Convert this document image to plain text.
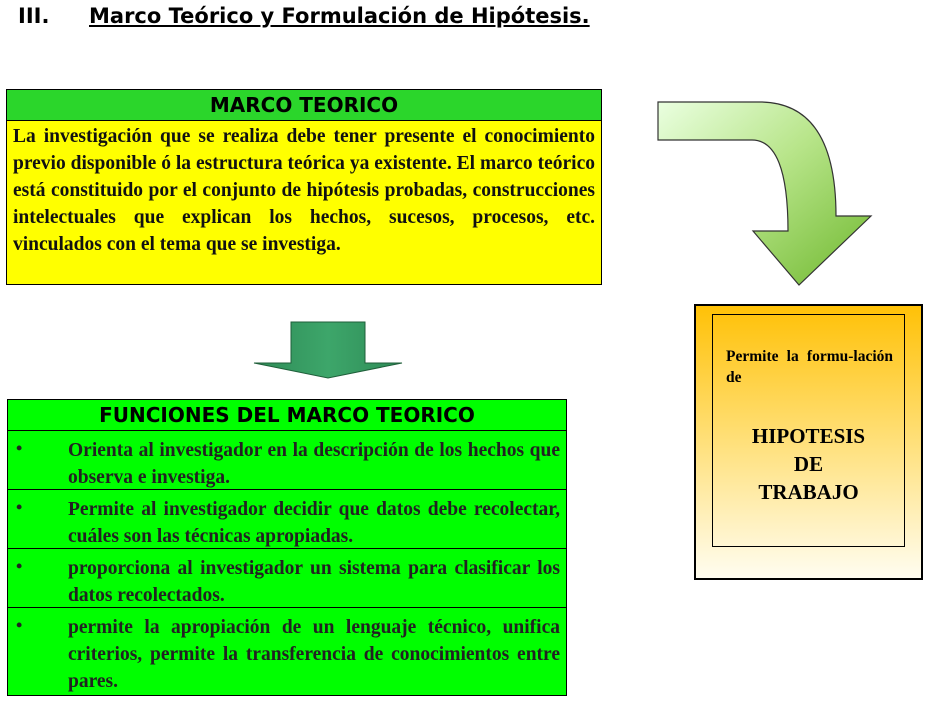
III. Marco Teórico y Formulación de Hipótesis.
MARCO TEORICO
La investigación que se realiza debe tener presente el conocimiento previo disponible ó la estructura teórica ya existente. El marco teórico está constituido por el conjunto de hipótesis probadas, construcciones intelectuales que explican los hechos, sucesos, procesos, etc. vinculados con el tema que se investiga.
FUNCIONES DEL MARCO TEORICO
• Orienta al investigador en la descripción de los hechos que observa e investiga.
• Permite al investigador decidir que datos debe recolectar, cuáles son las técnicas apropiadas.
• proporciona al investigador un sistema para clasificar los datos recolectados.
• permite la apropiación de un lenguaje técnico, unifica criterios, permite la transferencia de conocimientos entre pares.
Permite la formu-lación de
HIPOTESIS
DE
TRABAJO
